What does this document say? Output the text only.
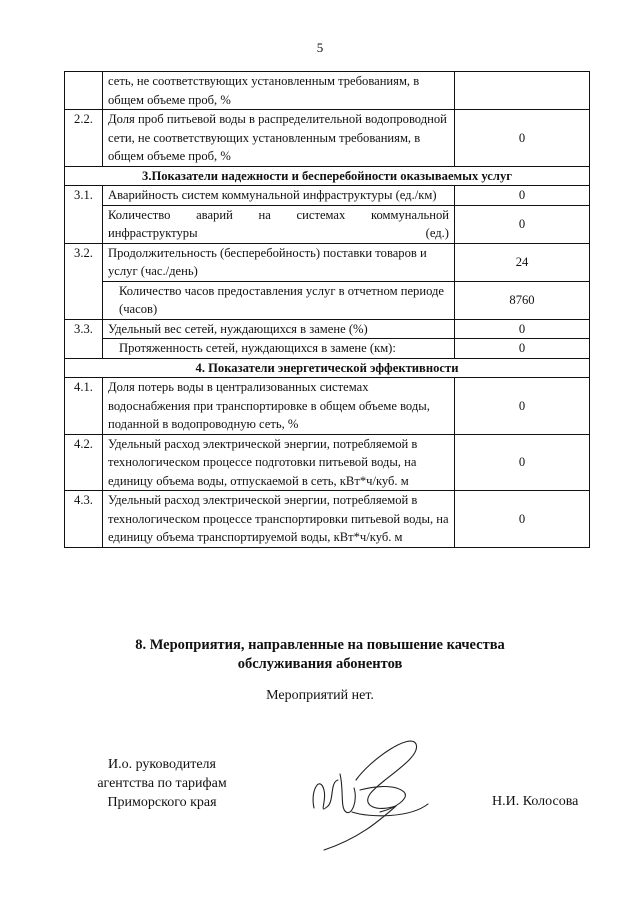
5
	сеть, не соответствующих установленным требованиям, в общем объеме проб, %	
2.2.	Доля проб питьевой воды в распределительной водопроводной сети, не соответствующих установленным требованиям, в общем объеме проб, %	0
3.Показатели надежности и бесперебойности оказываемых услуг		
3.1.	Аварийность систем коммунальной инфраструктуры (ед./км)	0
	Количество аварий на системах коммунальной инфраструктуры (ед.)	0
3.2.	Продолжительность (бесперебойность) поставки товаров и услуг (час./день)	24
	Количество часов предоставления услуг в отчетном периоде (часов)	8760
3.3.	Удельный вес сетей, нуждающихся в замене (%)	0
	Протяженность сетей, нуждающихся в замене (км):	0
4. Показатели энергетической эффективности		
4.1.	Доля потерь воды в централизованных системах водоснабжения при транспортировке в общем объеме воды, поданной в водопроводную сеть, %	0
4.2.	Удельный расход электрической энергии, потребляемой в технологическом процессе подготовки питьевой воды, на единицу объема воды, отпускаемой в сеть, кВт*ч/куб. м	0
4.3.	Удельный расход электрической энергии, потребляемой в технологическом процессе транспортировки питьевой воды, на единицу объема транспортируемой воды, кВт*ч/куб. м	0
8. Мероприятия, направленные на повышение качества
обслуживания абонентов
Мероприятий нет.
И.о. руководителя
агентства по тарифам
Приморского края	Н.И. Колосова
